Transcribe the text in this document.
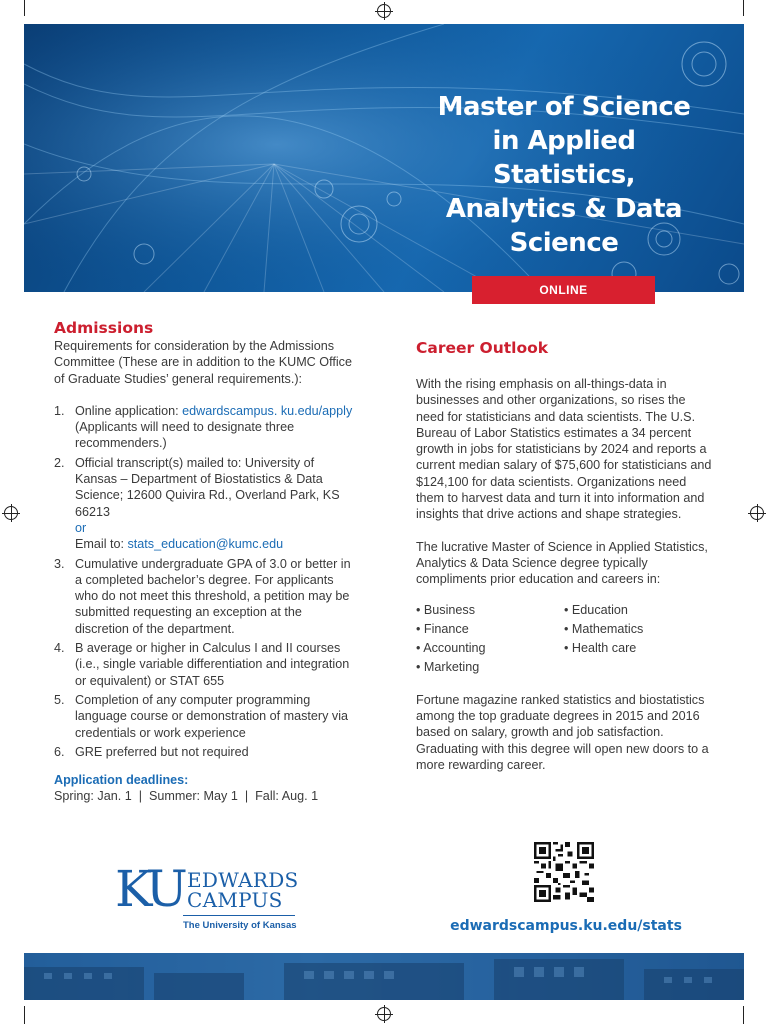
Master of Science
in Applied Statistics,
Analytics & Data
Science
ONLINE
Admissions
Requirements for consideration by the Admissions Committee (These are in addition to the KUMC Office of Graduate Studies’ general requirements.):
1. Online application: edwardscampus. ku.edu/apply (Applicants will need to designate three recommenders.)
2. Official transcript(s) mailed to: University of Kansas – Department of Biostatistics & Data Science; 12600 Quivira Rd., Overland Park, KS 66213
or
Email to: stats_education@kumc.edu
3. Cumulative undergraduate GPA of 3.0 or better in a completed bachelor’s degree. For applicants who do not meet this threshold, a petition may be submitted requesting an exception at the discretion of the department.
4. B average or higher in Calculus I and II courses (i.e., single variable differentiation and integration or equivalent) or STAT 655
5. Completion of any computer programming language course or demonstration of mastery via credentials or work experience
6. GRE preferred but not required
Application deadlines:
Spring: Jan. 1  |  Summer: May 1  |  Fall: Aug. 1
KU EDWARDS
CAMPUS
The University of Kansas
Career Outlook

With the rising emphasis on all-things-data in businesses and other organizations, so rises the need for statisticians and data scientists. The U.S. Bureau of Labor Statistics estimates a 34 percent growth in jobs for statisticians by 2024 and reports a current median salary of $75,600 for statisticians and $124,100 for data scientists. Organizations need them to harvest data and turn it into information and insights that drive actions and shape strategies.

The lucrative Master of Science in Applied Statistics, Analytics & Data Science degree typically compliments prior education and careers in:

• Business	• Education
• Finance	• Mathematics
• Accounting	• Health care
• Marketing

Fortune magazine ranked statistics and biostatistics among the top graduate degrees in 2015 and 2016 based on salary, growth and job satisfaction. Graduating with this degree will open new doors to a more rewarding career.

edwardscampus.ku.edu/stats
